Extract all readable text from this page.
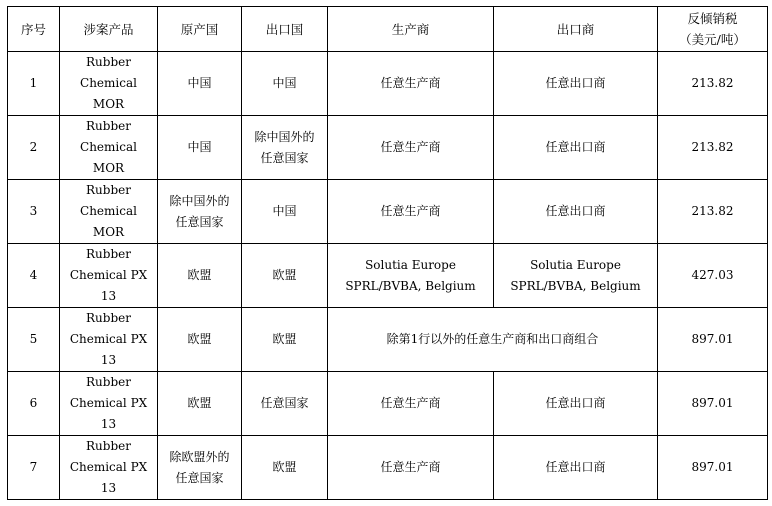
序号	涉案产品	原产国	出口国	生产商	出口商	反倾销税
（美元/吨）
1	Rubber
Chemical
MOR	中国	中国	任意生产商	任意出口商	213.82
2	Rubber
Chemical
MOR	中国	除中国外的
任意国家	任意生产商	任意出口商	213.82
3	Rubber
Chemical
MOR	除中国外的
任意国家	中国	任意生产商	任意出口商	213.82
4	Rubber
Chemical PX
13	欧盟	欧盟	Solutia Europe
SPRL/BVBA, Belgium	Solutia Europe
SPRL/BVBA, Belgium	427.03
5	Rubber
Chemical PX
13	欧盟	欧盟	除第1行以外的任意生产商和出口商组合		897.01
6	Rubber
Chemical PX
13	欧盟	任意国家	任意生产商	任意出口商	897.01
7	Rubber
Chemical PX
13	除欧盟外的
任意国家	欧盟	任意生产商	任意出口商	897.01
